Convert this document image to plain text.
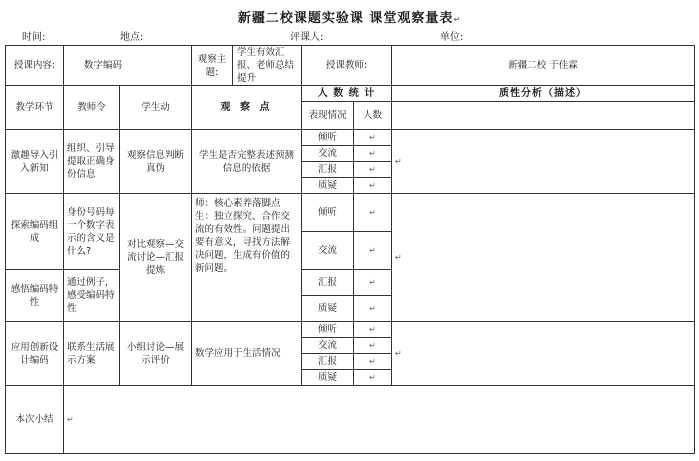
新疆二校课题实验课 课堂观察量表↵
时间:	地点:	评课人:	单位:
授课内容:	数字编码		观察主题:
学生有效汇报、老师总结提升	授课教师:		新疆二校 于佳霖
教学环节	教师令	学生动	观 察 点	人 数 统 计		质性分析（描述）
				表现情况	人数	
激趣导入引入新知	组织、引导提取正确身份信息	观察信息判断真伪	学生是否完整表述预测信息的依据	倾听	↵	↵
				交流	↵	
				汇报	↵	
				质疑	↵	
探索编码组成	身份号码每一个数字表示的含义是什么?	对比观察—交流讨论—汇报提炼	师：核心素养落脚点生：独立探究、合作交流的有效性。问题提出要有意义，寻找方法解决问题，生成有价值的新问题。	倾听	↵	↵
				交流	↵	
感悟编码特性	通过例子，感受编码特性			汇报	↵	
				质疑	↵	
应用创新设计编码	联系生活展示方案	小组讨论—展示评价	数学应用于生活情况	倾听	↵	↵
				交流	↵	
				汇报	↵	
				质疑	↵	
本次小结	↵					
